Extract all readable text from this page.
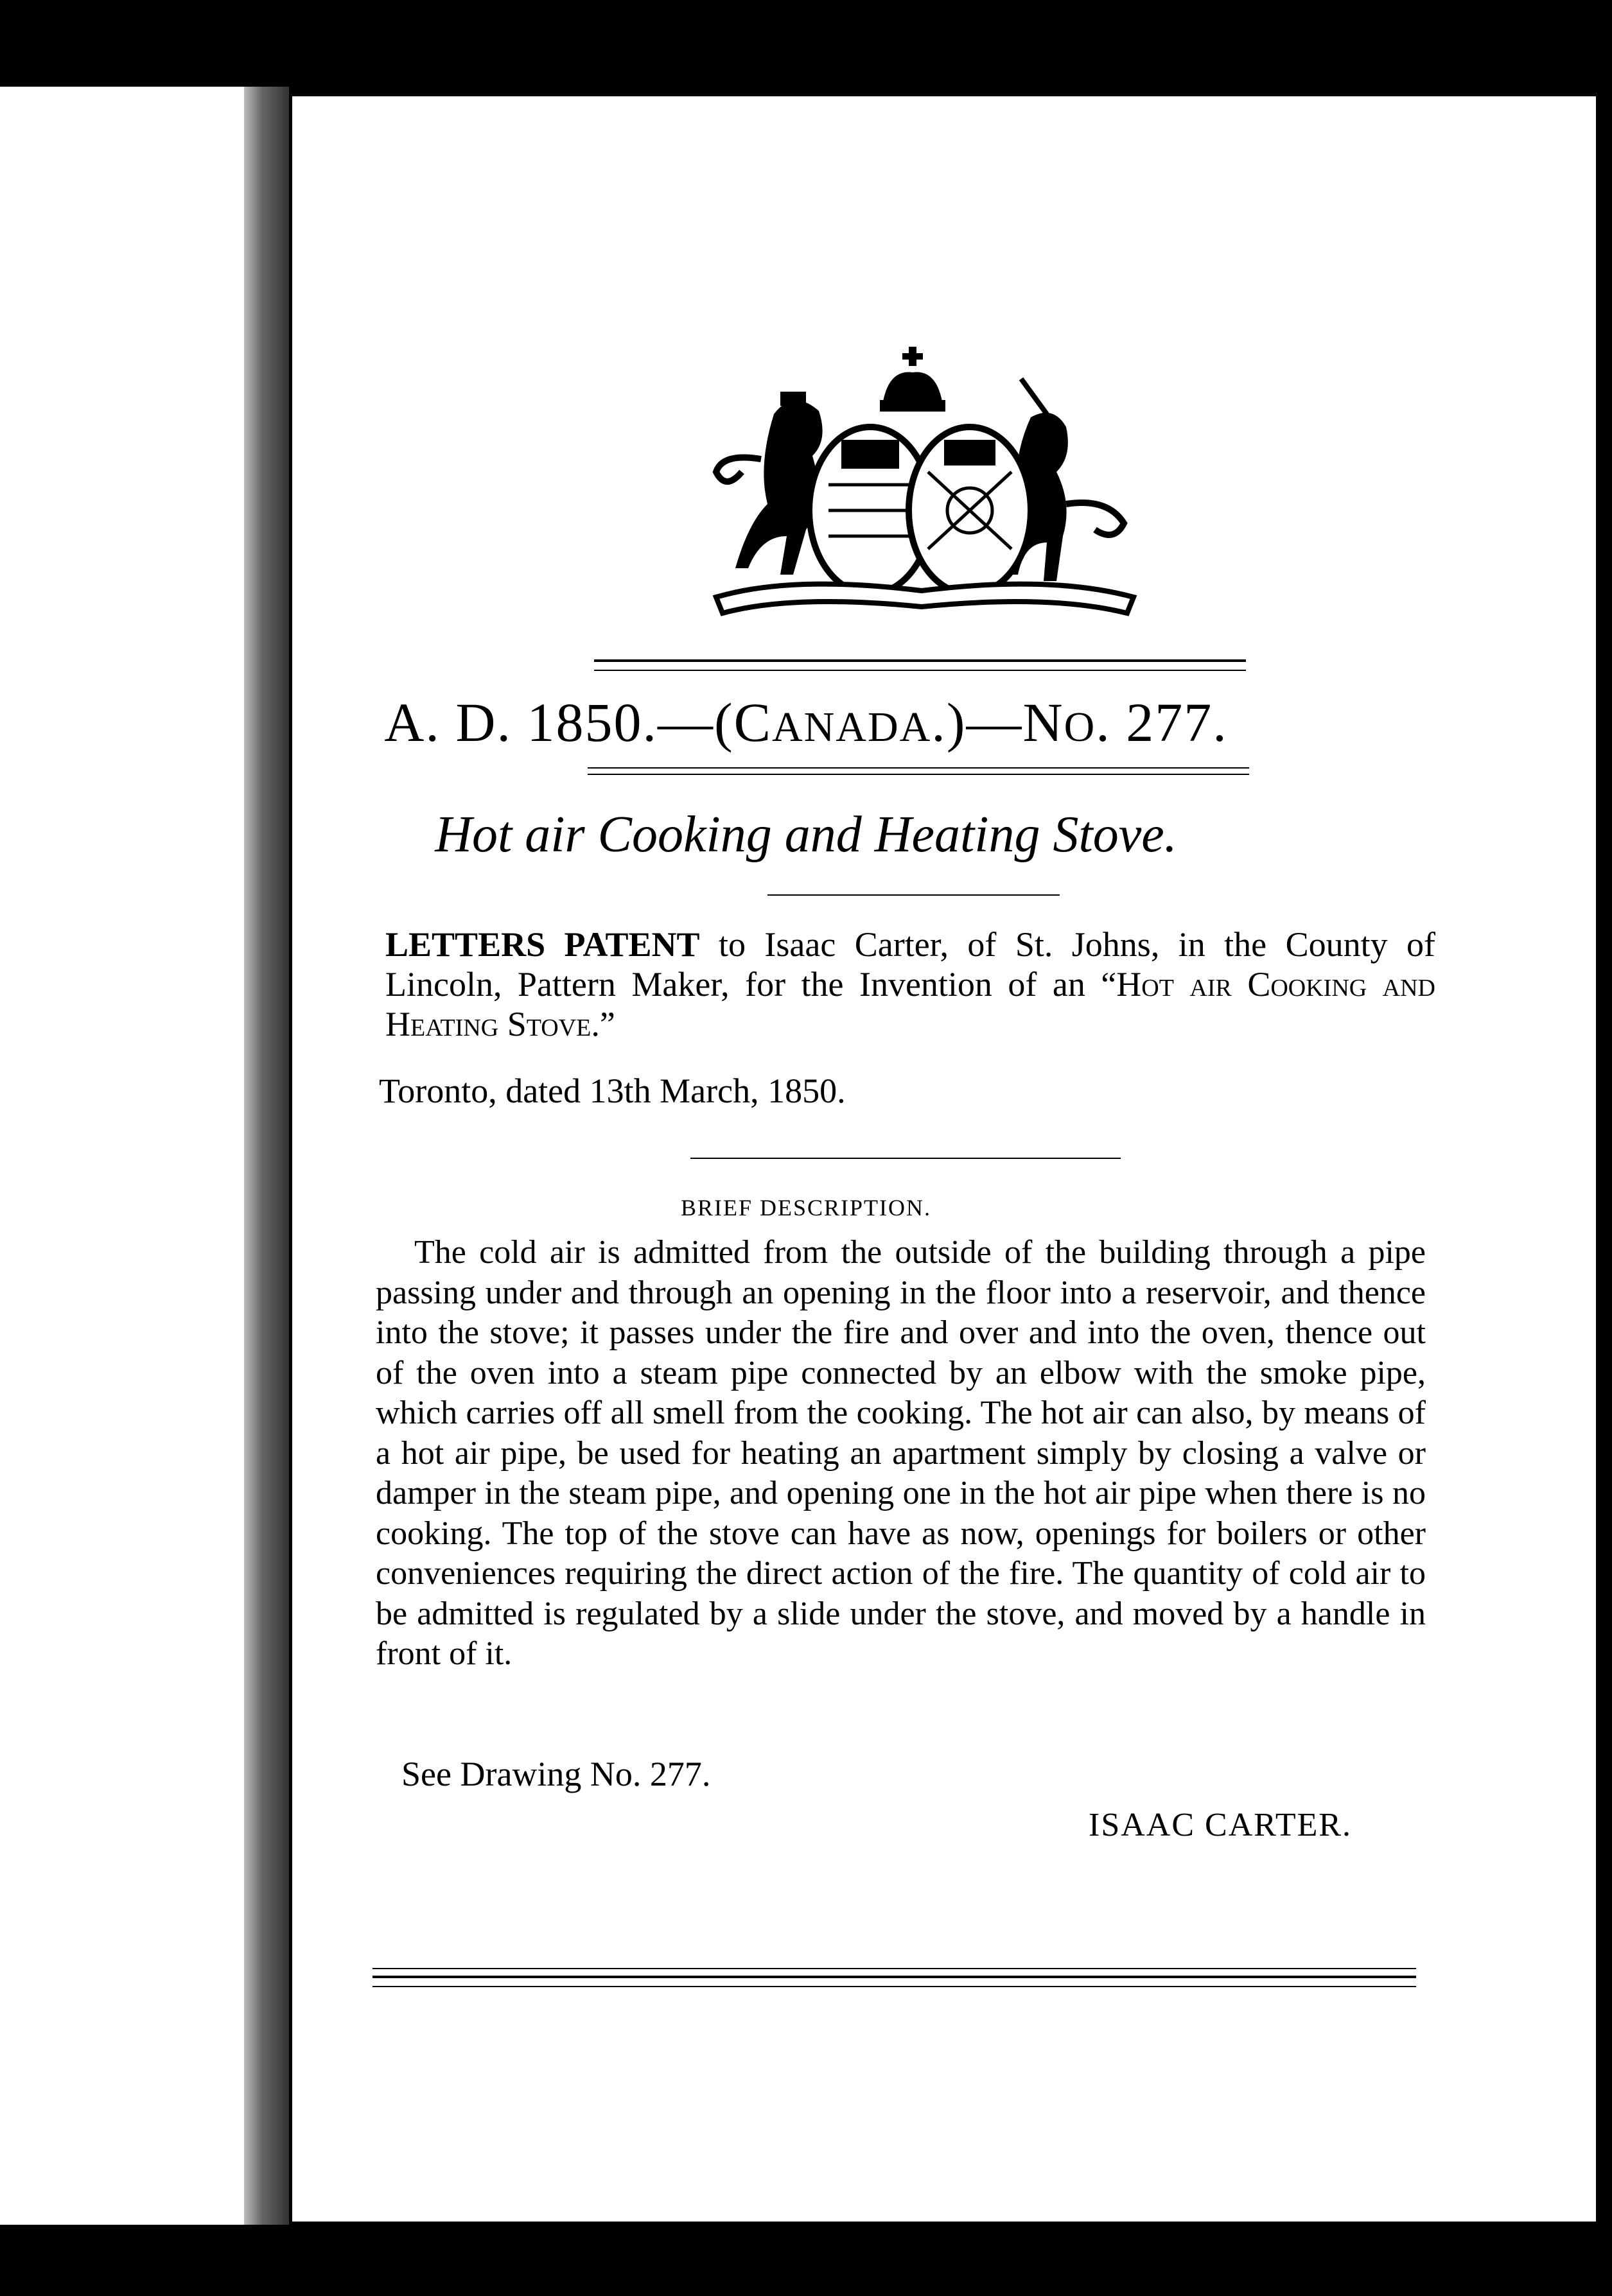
A. D. 1850.—(CANADA.)—NO. 277.
Hot air Cooking and Heating Stove.
LETTERS PATENT to Isaac Carter, of St. Johns, in the County of Lincoln, Pattern Maker, for the Invention of an “Hot air Cooking and Heating Stove.”
Toronto, dated 13th March, 1850.
BRIEF DESCRIPTION.

The cold air is admitted from the outside of the building through a pipe passing under and through an opening in the floor into a reservoir, and thence into the stove; it passes under the fire and over and into the oven, thence out of the oven into a steam pipe connected by an elbow with the smoke pipe, which carries off all smell from the cooking. The hot air can also, by means of a hot air pipe, be used for heating an apartment simply by closing a valve or damper in the steam pipe, and opening one in the hot air pipe when there is no cooking. The top of the stove can have as now, openings for boilers or other conveniences requiring the direct action of the fire. The quantity of cold air to be admitted is regulated by a slide under the stove, and moved by a handle in front of it.

See Drawing No. 277.
ISAAC CARTER.
